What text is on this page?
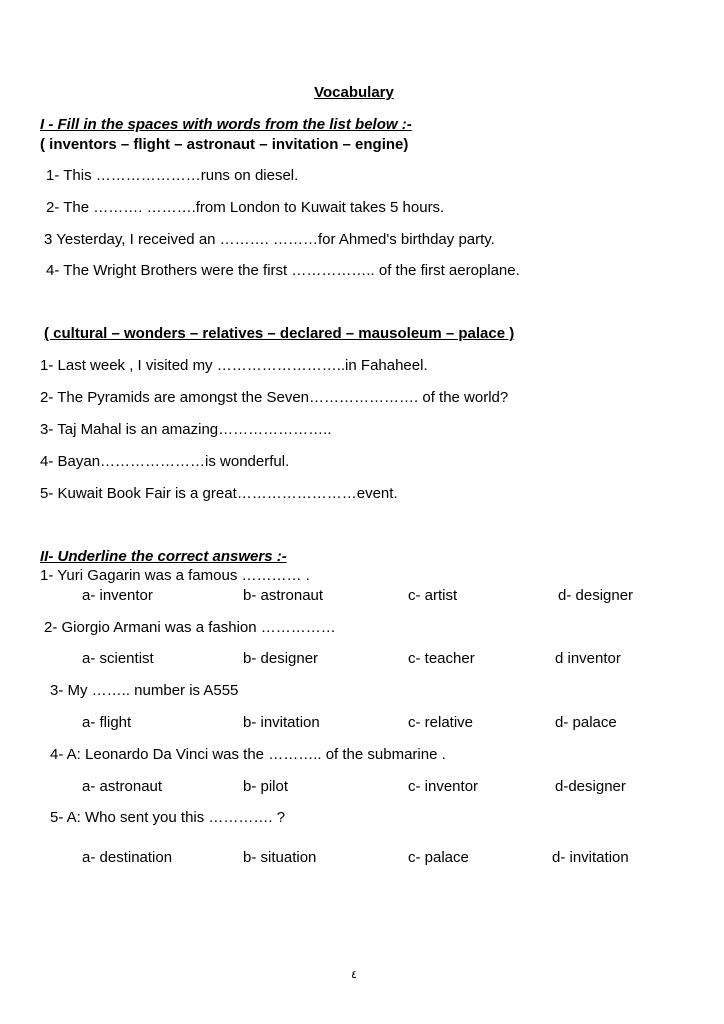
Vocabulary
I - Fill in the spaces with words from the list below :-
( inventors – flight – astronaut – invitation – engine)
1- This …………………runs on diesel.
2- The ………. ……….from London to Kuwait takes 5 hours.
3 Yesterday, I received an ………. ………for Ahmed's birthday party.
4- The Wright Brothers were the first …………….. of the first aeroplane.
( cultural – wonders – relatives – declared – mausoleum – palace )
1- Last week , I visited my ……………………..in Fahaheel.
2- The Pyramids are amongst the Seven…………………. of the world?
3- Taj Mahal is an amazing…………………..
4- Bayan…………………is wonderful.
5- Kuwait Book Fair is a great……………………event.
II- Underline the correct answers :-
1- Yuri Gagarin was a famous ………… .
a- inventor	b- astronaut	c- artist	d- designer
2- Giorgio Armani was a fashion ……………
a- scientist	b- designer	c- teacher	d inventor
3- My …….. number is A555
a- flight	b- invitation	c- relative	d- palace
4- A: Leonardo Da Vinci was the ……….. of the submarine .
a- astronaut	b- pilot	c- inventor	d-designer
5- A: Who sent you this …………. ?
a- destination	b- situation	c- palace	d- invitation
٤
